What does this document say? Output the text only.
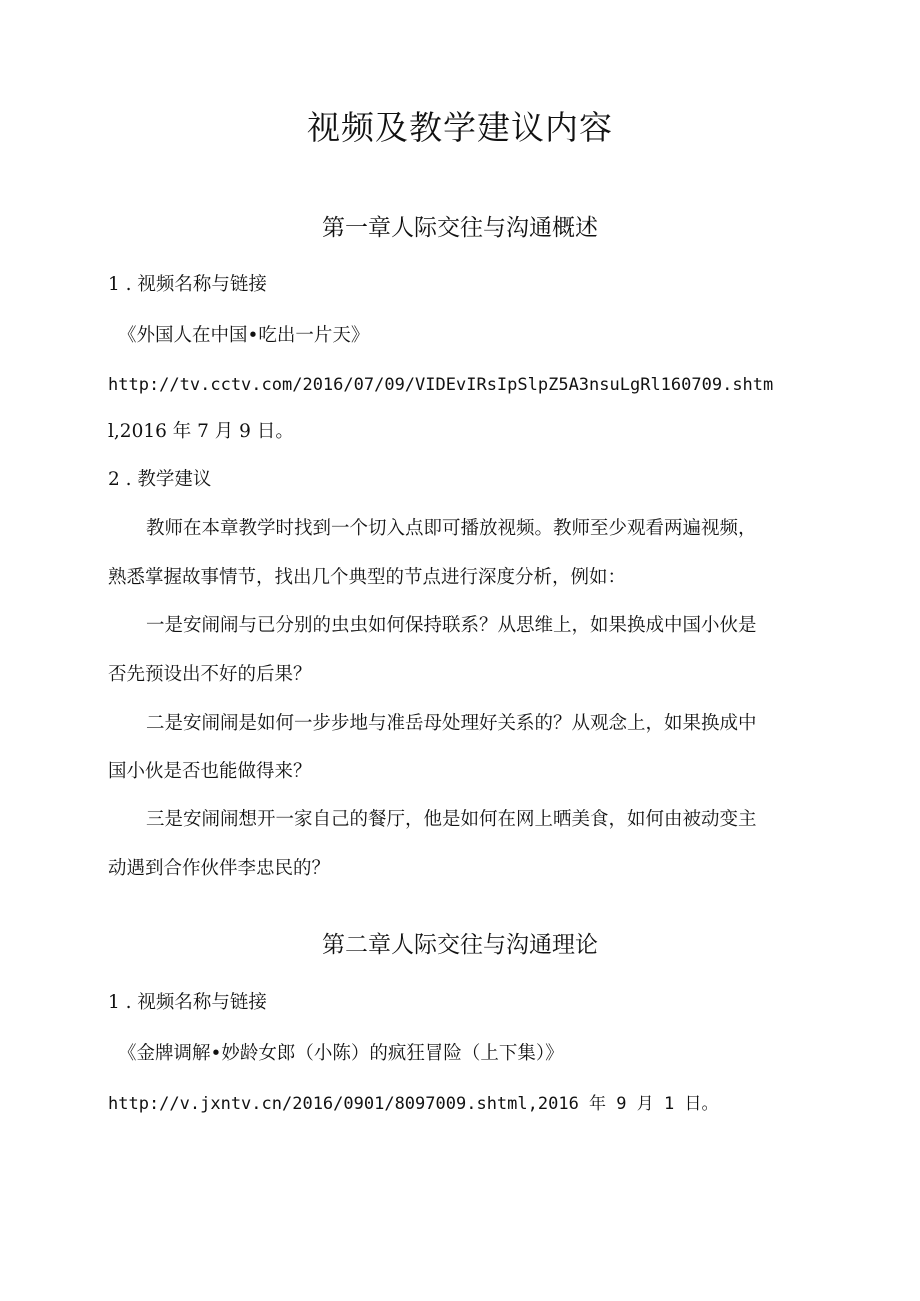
视频及教学建议内容
第一章人际交往与沟通概述
1 . 视频名称与链接
《外国人在中国•吃出一片天》
http://tv.cctv.com/2016/07/09/VIDEvIRsIpSlpZ5A3nsuLgRl160709.shtm
l,2016 年 7 月 9 日。
2 . 教学建议
教师在本章教学时找到一个切入点即可播放视频。教师至少观看两遍视频，
熟悉掌握故事情节，找出几个典型的节点进行深度分析，例如：
一是安闹闹与已分别的虫虫如何保持联系？从思维上，如果换成中国小伙是
否先预设出不好的后果？
二是安闹闹是如何一步步地与准岳母处理好关系的？从观念上，如果换成中
国小伙是否也能做得来？
三是安闹闹想开一家自己的餐厅，他是如何在网上晒美食，如何由被动变主
动遇到合作伙伴李忠民的？
第二章人际交往与沟通理论
1 . 视频名称与链接
《金牌调解•妙龄女郎（小陈）的疯狂冒险（上下集）》
http://v.jxntv.cn/2016/0901/8097009.shtml,2016 年 9 月 1 日。
